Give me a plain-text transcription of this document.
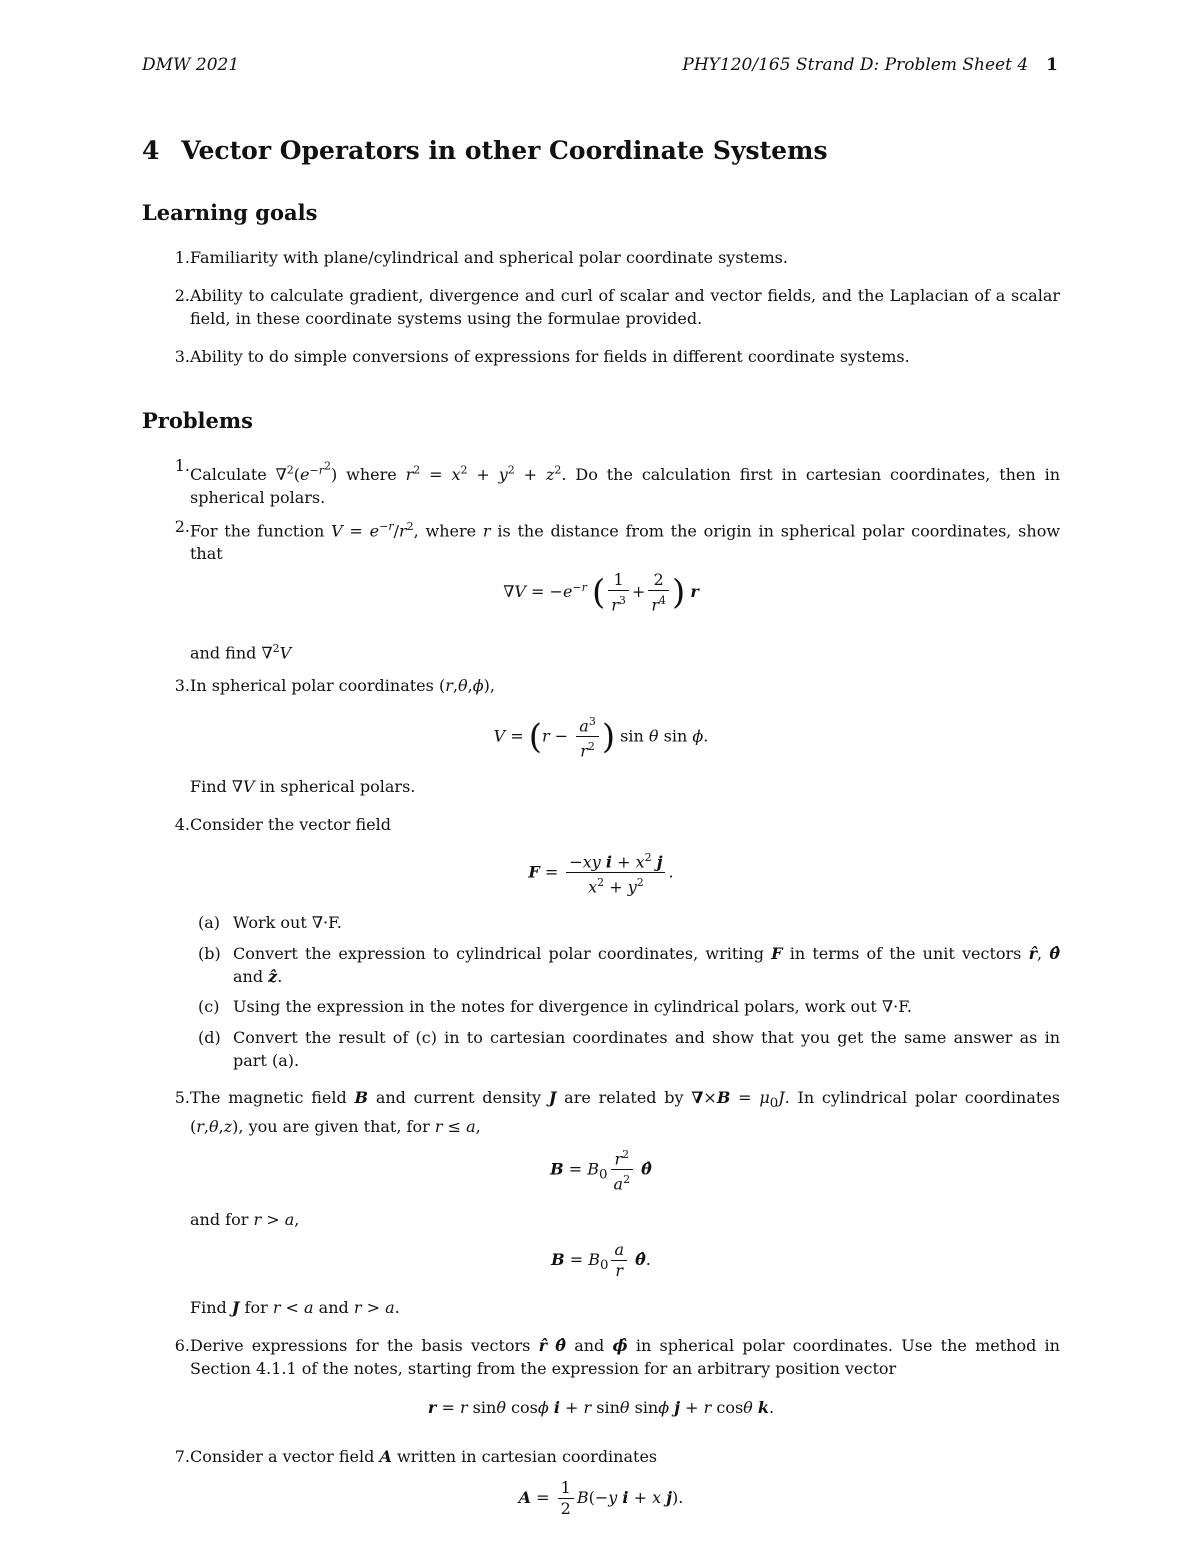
DMW 2021	PHY120/165 Strand D: Problem Sheet 4 1
4 Vector Operators in other Coordinate Systems
Learning goals
1. Familiarity with plane/cylindrical and spherical polar coordinate systems.
2. Ability to calculate gradient, divergence and curl of scalar and vector fields, and the Laplacian of a scalar field, in these coordinate systems using the formulae provided.
3. Ability to do simple conversions of expressions for fields in different coordinate systems.
Problems
1. Calculate $\nabla^2(e^{-r^2})$ where $r^2 = x^2 + y^2 + z^2$. Do the calculation first in cartesian coordinates, then in spherical polars.
2. For the function $V = e^{-r}/r^2$, where r is the distance from the origin in spherical polar coordinates, show that
$\nabla V = -e^{-r}$ ( $\frac{1}{r^3} + \frac{2}{r^4}$ ) r
and find ∇$^2$V
3. In spherical polar coordinates (r,θ,ϕ),
$V = (r - \frac{a^3}{r^2}$ ) sin θ sin ϕ.
Find ∇V in spherical polars.
4. Consider the vector field
$F = \frac{-xy i + x^2 j}{x^2 + y^2}$ .
(a) Work out ∇·F.
(b) Convert the expression to cylindrical polar coordinates, writing F in terms of the unit vectors r̂, θ̂ and ẑ.
(c) Using the expression in the notes for divergence in cylindrical polars, work out ∇·F.
(d) Convert the result of (c) in to cartesian coordinates and show that you get the same answer as in part (a).
5. The magnetic field B and current density J are related by $\nabla\times B = \mu_0J$. In cylindrical polar coordinates (r,θ,z), you are given that, for r ≤ a,
$B = B_0 \frac{r^2}{a^2}$ θ̂
and for r > a,
$B = B_0 \frac{a}{r}$ θ̂.
Find J for r < a and r > a.
6. Derive expressions for the basis vectors r̂ θ̂ and ϕ̂ in spherical polar coordinates. Use the method in Section 4.1.1 of the notes, starting from the expression for an arbitrary position vector
r = r sinθ cosϕ i + r sinθ sinϕ j + r cosθ k.
7. Consider a vector field A written in cartesian coordinates
$A = \frac{1}{2} B(-y$ i + x j).
